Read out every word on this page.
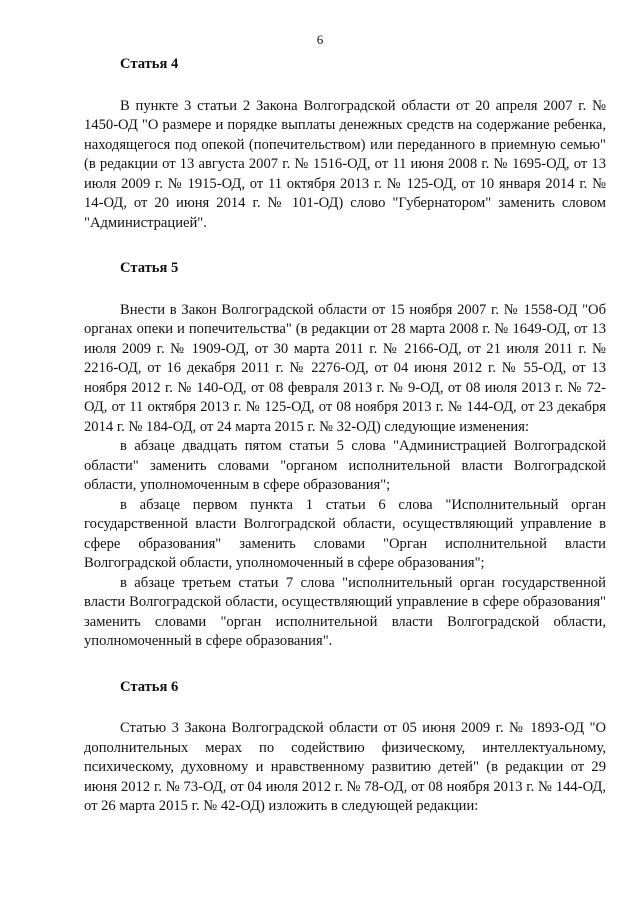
6
Статья 4

В пункте 3 статьи 2 Закона Волгоградской области от 20 апреля 2007 г. № 1450-ОД "О размере и порядке выплаты денежных средств на содержание ребенка, находящегося под опекой (попечительством) или переданного в приемную семью" (в редакции от 13 августа 2007 г. № 1516-ОД, от 11 июня 2008 г. № 1695-ОД, от 13 июля 2009 г. № 1915-ОД, от 11 октября 2013 г. № 125-ОД, от 10 января 2014 г. № 14-ОД, от 20 июня 2014 г. № 101-ОД) слово "Губернатором" заменить словом "Администрацией".

Статья 5

Внести в Закон Волгоградской области от 15 ноября 2007 г. № 1558-ОД "Об органах опеки и попечительства" (в редакции от 28 марта 2008 г. № 1649-ОД, от 13 июля 2009 г. № 1909-ОД, от 30 марта 2011 г. № 2166-ОД, от 21 июля 2011 г. № 2216-ОД, от 16 декабря 2011 г. № 2276-ОД, от 04 июня 2012 г. № 55-ОД, от 13 ноября 2012 г. № 140-ОД, от 08 февраля 2013 г. № 9-ОД, от 08 июля 2013 г. № 72-ОД, от 11 октября 2013 г. № 125-ОД, от 08 ноября 2013 г. № 144-ОД, от 23 декабря 2014 г. № 184-ОД, от 24 марта 2015 г. № 32-ОД) следующие изменения:

в абзаце двадцать пятом статьи 5 слова "Администрацией Волгоградской области" заменить словами "органом исполнительной власти Волгоградской области, уполномоченным в сфере образования";

в абзаце первом пункта 1 статьи 6 слова "Исполнительный орган государственной власти Волгоградской области, осуществляющий управление в сфере образования" заменить словами "Орган исполнительной власти Волгоградской области, уполномоченный в сфере образования";

в абзаце третьем статьи 7 слова "исполнительный орган государственной власти Волгоградской области, осуществляющий управление в сфере образования" заменить словами "орган исполнительной власти Волгоградской области, уполномоченный в сфере образования".

Статья 6

Статью 3 Закона Волгоградской области от 05 июня 2009 г. № 1893-ОД "О дополнительных мерах по содействию физическому, интеллектуальному, психическому, духовному и нравственному развитию детей" (в редакции от 29 июня 2012 г. № 73-ОД, от 04 июля 2012 г. № 78-ОД, от 08 ноября 2013 г. № 144-ОД, от 26 марта 2015 г. № 42-ОД) изложить в следующей редакции:
